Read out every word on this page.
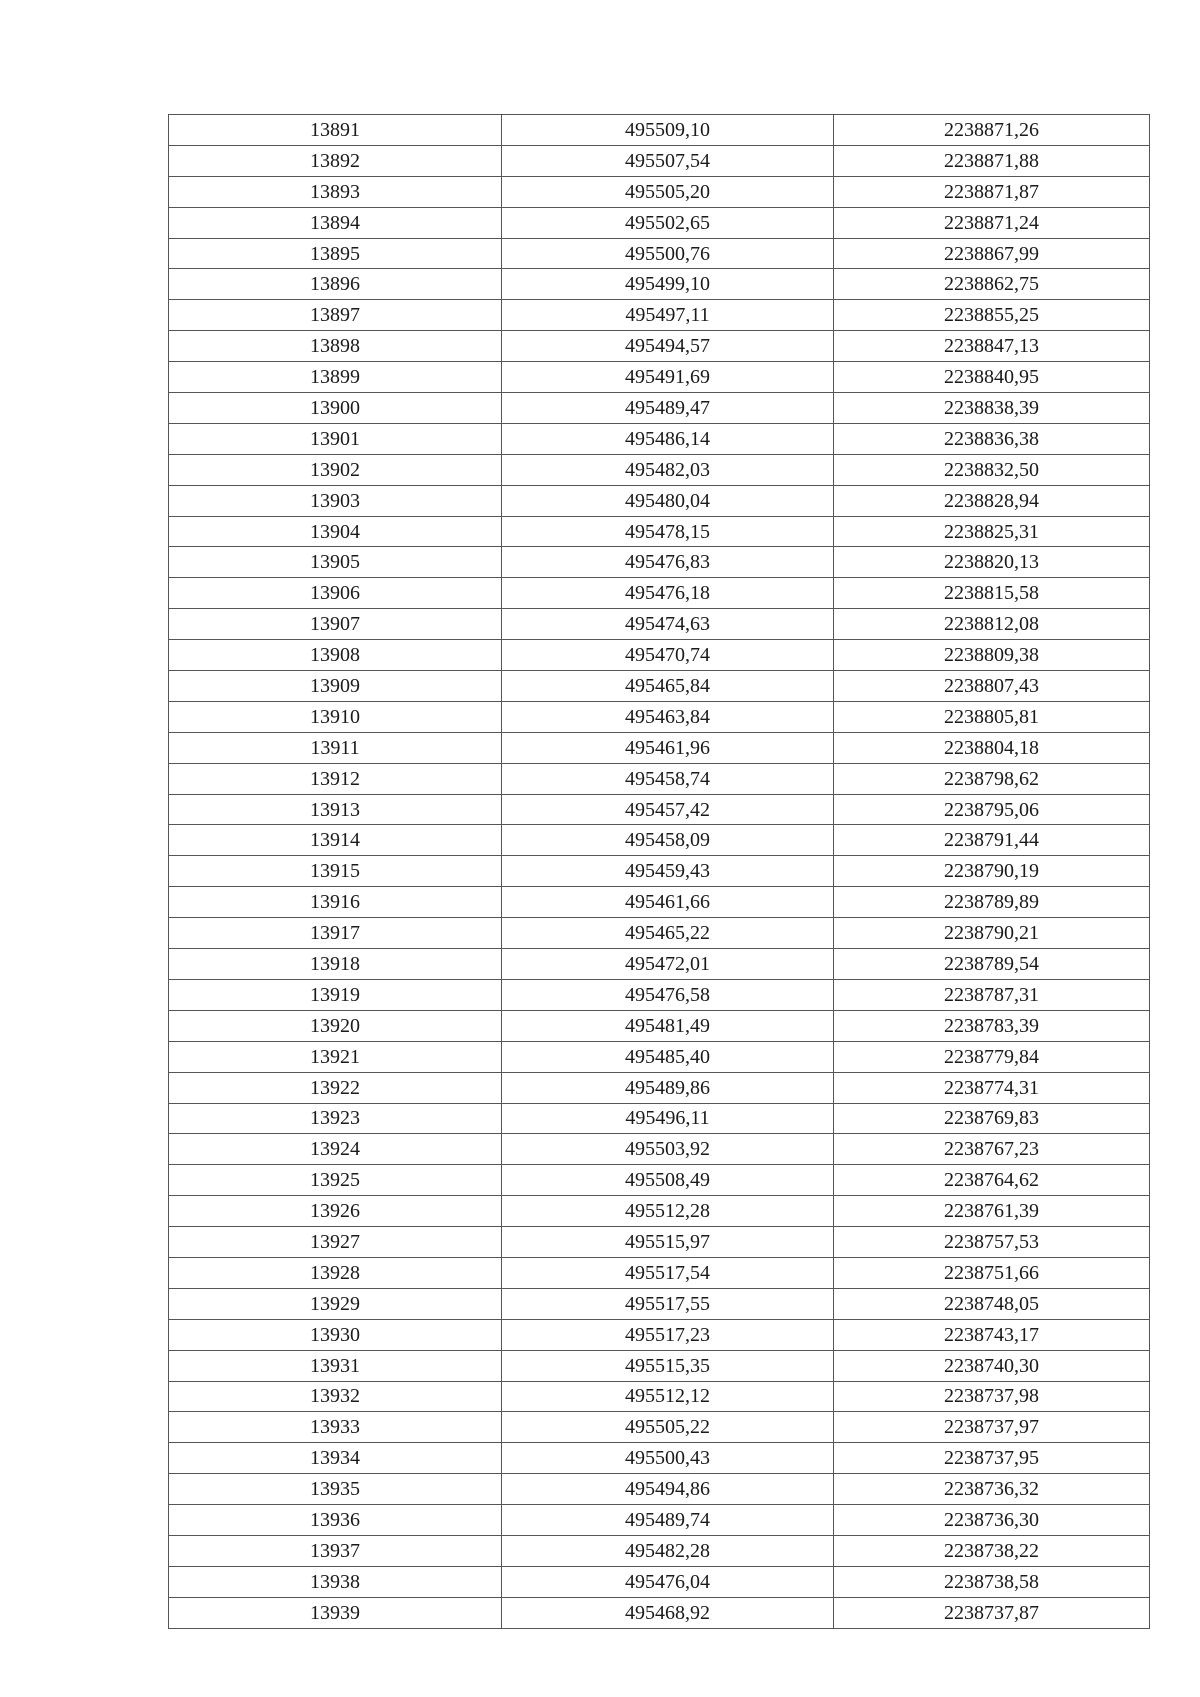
13891	495509,10	2238871,26
13892	495507,54	2238871,88
13893	495505,20	2238871,87
13894	495502,65	2238871,24
13895	495500,76	2238867,99
13896	495499,10	2238862,75
13897	495497,11	2238855,25
13898	495494,57	2238847,13
13899	495491,69	2238840,95
13900	495489,47	2238838,39
13901	495486,14	2238836,38
13902	495482,03	2238832,50
13903	495480,04	2238828,94
13904	495478,15	2238825,31
13905	495476,83	2238820,13
13906	495476,18	2238815,58
13907	495474,63	2238812,08
13908	495470,74	2238809,38
13909	495465,84	2238807,43
13910	495463,84	2238805,81
13911	495461,96	2238804,18
13912	495458,74	2238798,62
13913	495457,42	2238795,06
13914	495458,09	2238791,44
13915	495459,43	2238790,19
13916	495461,66	2238789,89
13917	495465,22	2238790,21
13918	495472,01	2238789,54
13919	495476,58	2238787,31
13920	495481,49	2238783,39
13921	495485,40	2238779,84
13922	495489,86	2238774,31
13923	495496,11	2238769,83
13924	495503,92	2238767,23
13925	495508,49	2238764,62
13926	495512,28	2238761,39
13927	495515,97	2238757,53
13928	495517,54	2238751,66
13929	495517,55	2238748,05
13930	495517,23	2238743,17
13931	495515,35	2238740,30
13932	495512,12	2238737,98
13933	495505,22	2238737,97
13934	495500,43	2238737,95
13935	495494,86	2238736,32
13936	495489,74	2238736,30
13937	495482,28	2238738,22
13938	495476,04	2238738,58
13939	495468,92	2238737,87
